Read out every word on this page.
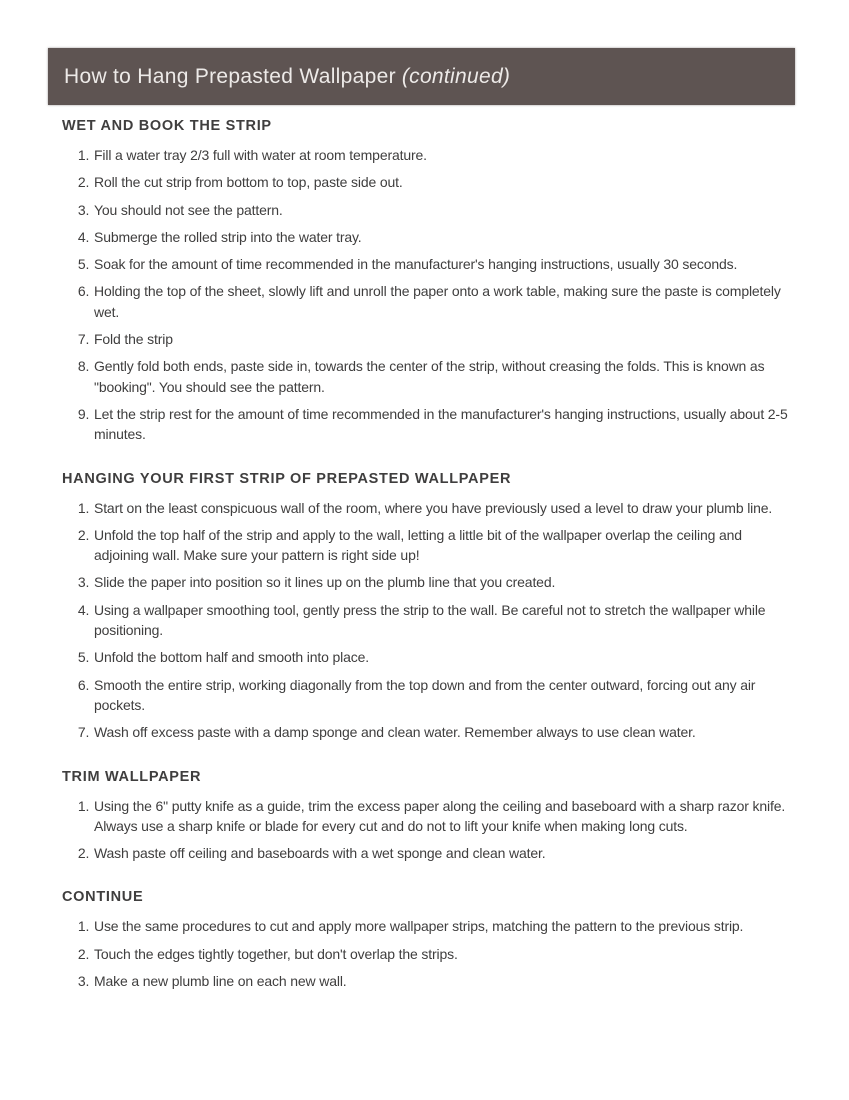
How to Hang Prepasted Wallpaper (continued)
WET AND BOOK THE STRIP
1. Fill a water tray 2/3 full with water at room temperature.
2. Roll the cut strip from bottom to top, paste side out.
3. You should not see the pattern.
4. Submerge the rolled strip into the water tray.
5. Soak for the amount of time recommended in the manufacturer's hanging instructions, usually 30 seconds.
6. Holding the top of the sheet, slowly lift and unroll the paper onto a work table, making sure the paste is completely wet.
7. Fold the strip
8. Gently fold both ends, paste side in, towards the center of the strip, without creasing the folds. This is known as "booking". You should see the pattern.
9. Let the strip rest for the amount of time recommended in the manufacturer's hanging instructions, usually about 2-5 minutes.
HANGING YOUR FIRST STRIP OF PREPASTED WALLPAPER
1. Start on the least conspicuous wall of the room, where you have previously used a level to draw your plumb line.
2. Unfold the top half of the strip and apply to the wall, letting a little bit of the wallpaper overlap the ceiling and adjoining wall. Make sure your pattern is right side up!
3. Slide the paper into position so it lines up on the plumb line that you created.
4. Using a wallpaper smoothing tool, gently press the strip to the wall. Be careful not to stretch the wallpaper while positioning.
5. Unfold the bottom half and smooth into place.
6. Smooth the entire strip, working diagonally from the top down and from the center outward, forcing out any air pockets.
7. Wash off excess paste with a damp sponge and clean water. Remember always to use clean water.
TRIM WALLPAPER
1. Using the 6" putty knife as a guide, trim the excess paper along the ceiling and baseboard with a sharp razor knife. Always use a sharp knife or blade for every cut and do not to lift your knife when making long cuts.
2. Wash paste off ceiling and baseboards with a wet sponge and clean water.
CONTINUE
1. Use the same procedures to cut and apply more wallpaper strips, matching the pattern to the previous strip.
2. Touch the edges tightly together, but don't overlap the strips.
3. Make a new plumb line on each new wall.
